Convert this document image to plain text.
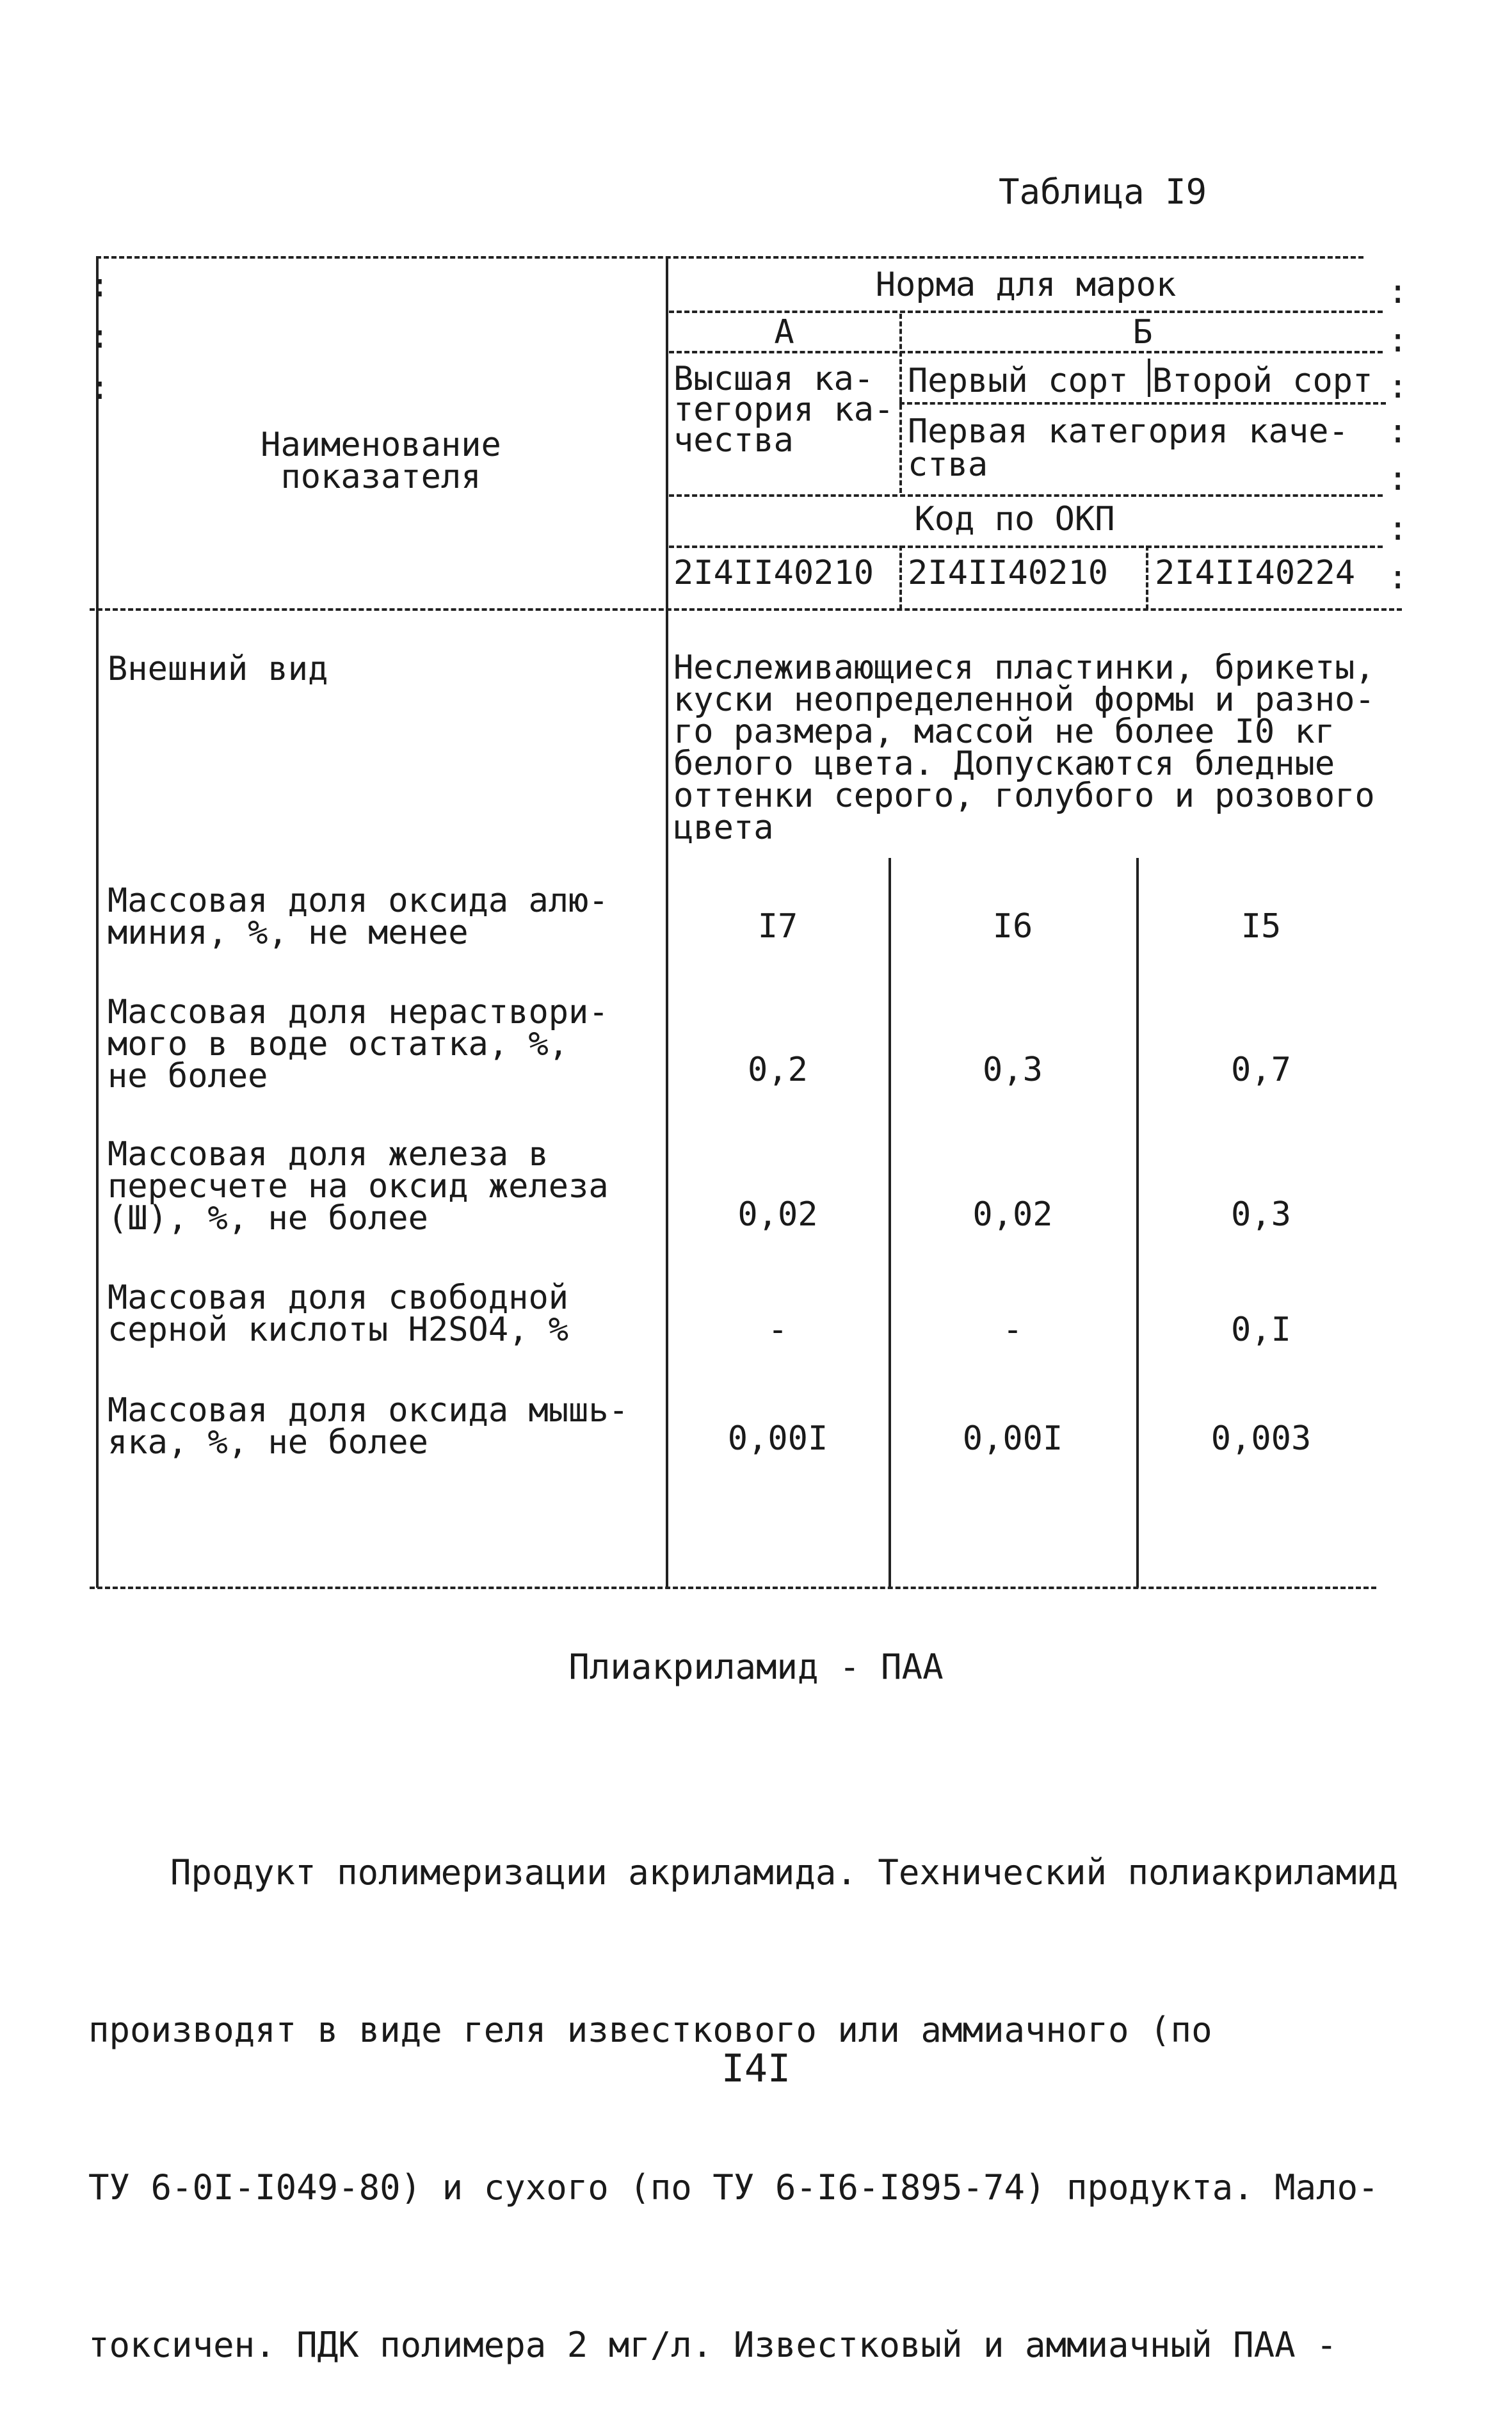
Таблица I9
:
:
:
:
:
:
:
:
:
:
Наименование
показателя
Норма для марок
А	Б
Высшая ка-
тегория ка-
чества
Первый сорт Второй сорт
Первая категория каче-
ства
Код по ОКП
2I4II40210 2I4II40210 2I4II40224
Внешний вид	Неслеживающиеся пластинки, брикеты,
куски неопределенной формы и разно-
го размера, массой не более I0 кг
белого цвета. Допускаются бледные
оттенки серого, голубого и розового
цвета
Массовая доля оксида алю-
миния, %, не менее	I7	I6	I5
Массовая доля нераствори-
мого в воде остатка, %,
не более	0,2	0,3	0,7
Массовая доля железа в
пересчете на оксид железа
(Ш), %, не более	0,02	0,02	0,3
Массовая доля свободной
серной кислоты H2SO4, %	-	-	0,I
Массовая доля оксида мышь-
яка, %, не более	0,00I	0,00I	0,003
Плиакриламид - ПАА

Продукт полимеризации акриламида. Технический полиакриламид

производят в виде геля известкового или аммиачного (по

ТУ 6-0I-I049-80) и сухого (по ТУ 6-I6-I895-74) продукта. Мало-

токсичен. ПДК полимера 2 мг/л. Известковый и аммиачный ПАА -

I4I
